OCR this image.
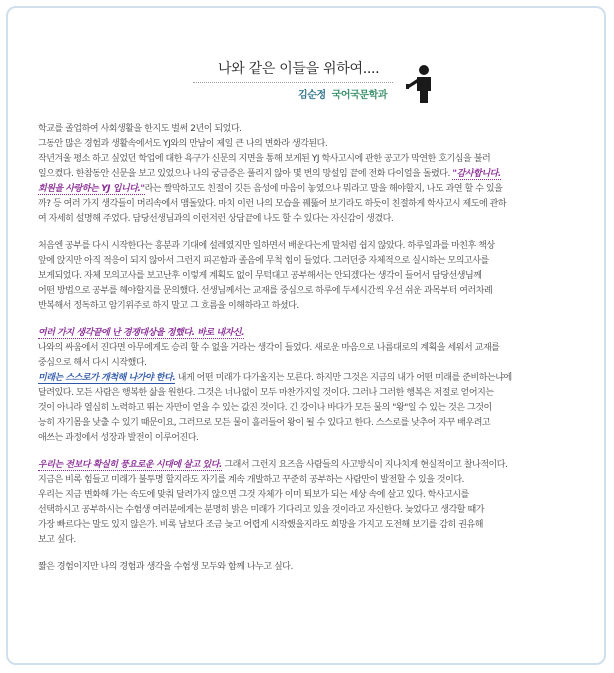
나와 같은 이들을 위하여....
김순정 국어국문학과

학교를 졸업하여 사회생활을 한지도 벌써 2년이 되었다.

그동안 많은 경험과 생활속에서도 YJ와의 만남이 제일 큰 나의 변화라 생각된다.

작년겨울 평소 하고 싶었던 학업에 대한 욕구가 신문의 지면을 통해 보게된 YJ 학사고시에 관한 공고가 막연한 호기심을 불러

일으켰다. 한참동안 신문을 보고 있었으나 나의 궁금증은 풀리지 않아 몇 번의 망설임 끝에 전화 다이얼을 돌렸다. "감사합니다.

회원을 사랑하는 YJ 입니다."라는 짤막하고도 친절이 깃든 음성에 마음이 놓였으나 뭐라고 말을 해야할지, 나도 과연 할 수 있을

까? 등 여러 가지 생각들이 머리속에서 맴돌았다. 마치 이런 나의 모습을 꿰뚫어 보기라도 하듯이 친절하게 학사고시 제도에 관하

여 자세히 설명해 주었다. 담당선생님과의 이런저런 상담끝에 나도 할 수 있다는 자신감이 생겼다.

처음엔 공부를 다시 시작한다는 흥분과 기대에 설레였지만 일하면서 배운다는게 말처럼 쉽지 않았다. 하루일과를 마친후 책상

앞에 앉지만 아직 적응이 되지 않아서 그런지 피곤함과 졸음에 무척 힘이 들었다. 그러던중 자체적으로 실시하는 모의고사를

보게되었다. 자체 모의고사를 보고난후 이렇게 계획도 없이 무턱대고 공부해서는 안되겠다는 생각이 들어서 담당선생님께

어떤 방법으로 공부를 해야할지를 문의했다. 선생님께서는 교재를 중심으로 하루에 두세시간씩 우선 쉬운 과목부터 여러차례

반복해서 정독하고 암기위주로 하지 말고 그 흐름을 이해하라고 하셨다.

여러 가지 생각끝에 난 경쟁대상을 정했다. 바로 내자신.

나와의 싸움에서 진다면 아무에게도 승리 할 수 없을 거라는 생각이 들었다. 새로운 마음으로 나름대로의 계획을 세워서 교재를

중심으로 해서 다시 시작했다.

미래는 스스로가 개척해 나가야 한다. 내게 어떤 미래가 다가올지는 모른다. 하지만 그것은 지금의 내가 어떤 미래를 준비하는냐에

달려있다. 모든 사람은 행복한 삶을 원한다. 그것은 너나없이 모두 마찬가지일 것이다. 그러나 그러한 행복은 저절로 얻어지는

것이 아니라 열심히 노력하고 뛰는 자만이 얻을 수 있는 값진 것이다. 긴 강이나 바다가 모든 물의 "왕"일 수 있는 것은 그것이

능히 자기몸을 낮출 수 있기 때문이요, 그러므로 모든 물이 흘러들어 왕이 될 수 있다고 한다. 스스로를 낮추어 자꾸 배우려고

애쓰는 과정에서 성장과 발전이 이루어진다.

우리는 전보다 확실히 풍요로운 시대에 살고 있다. 그래서 그런지 요즈음 사람들의 사고방식이 지나치게 현실적이고 찰나적이다.

지금은 비록 힘들고 미래가 불투명 할지라도 자기를 계속 개발하고 꾸준히 공부하는 사람만이 발전할 수 있을 것이다.

우리는 지금 변화해 가는 속도에 맞춰 달려가지 않으면 그것 자체가 이미 퇴보가 되는 세상 속에 살고 있다. 학사고시를

선택하시고 공부하시는 수험생 여러분에게는 분명히 밝은 미래가 기다리고 있을 것이라고 자신한다. 늦었다고 생각할 때가

가장 빠르다는 말도 있지 않은가. 비록 남보다 조금 늦고 어렵게 시작했을지라도 희망을 가지고 도전해 보기를 감히 권유해

보고 싶다.

짧은 경험이지만 나의 경험과 생각을 수험생 모두와 함께 나누고 싶다.
